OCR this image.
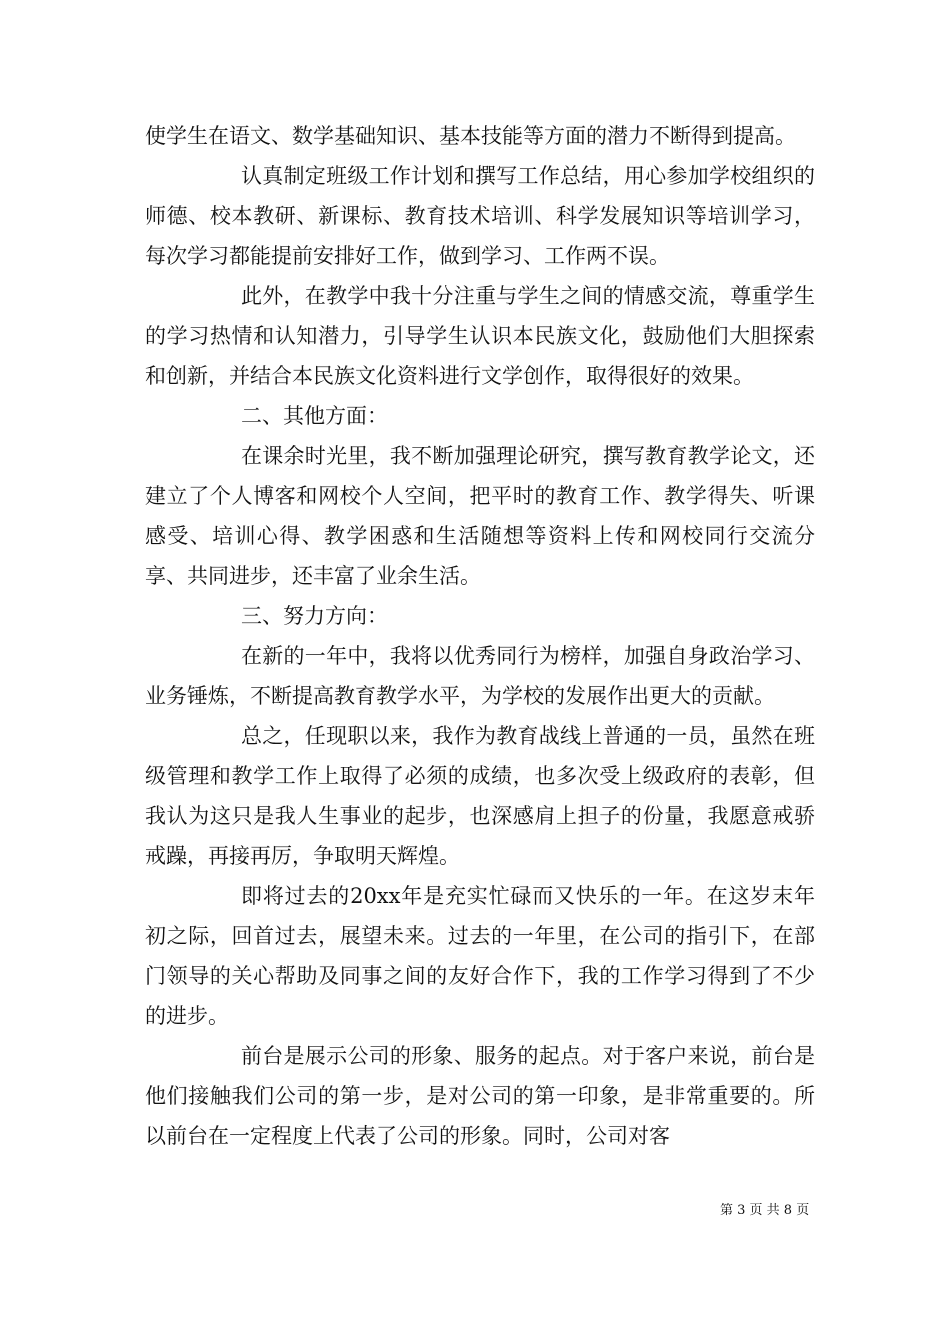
使学生在语文、数学基础知识、基本技能等方面的潜力不断得到提高。

认真制定班级工作计划和撰写工作总结，用心参加学校组织的师德、校本教研、新课标、教育技术培训、科学发展知识等培训学习，每次学习都能提前安排好工作，做到学习、工作两不误。

此外，在教学中我十分注重与学生之间的情感交流，尊重学生的学习热情和认知潜力，引导学生认识本民族文化，鼓励他们大胆探索和创新，并结合本民族文化资料进行文学创作，取得很好的效果。

二、其他方面：

在课余时光里，我不断加强理论研究，撰写教育教学论文，还建立了个人博客和网校个人空间，把平时的教育工作、教学得失、听课感受、培训心得、教学困惑和生活随想等资料上传和网校同行交流分享、共同进步，还丰富了业余生活。

三、努力方向：

在新的一年中，我将以优秀同行为榜样，加强自身政治学习、业务锤炼，不断提高教育教学水平，为学校的发展作出更大的贡献。

总之，任现职以来，我作为教育战线上普通的一员，虽然在班级管理和教学工作上取得了必须的成绩，也多次受上级政府的表彰，但我认为这只是我人生事业的起步，也深感肩上担子的份量，我愿意戒骄戒躁，再接再厉，争取明天辉煌。

即将过去的20xx年是充实忙碌而又快乐的一年。在这岁末年初之际，回首过去，展望未来。过去的一年里，在公司的指引下，在部门领导的关心帮助及同事之间的友好合作下，我的工作学习得到了不少的进步。

前台是展示公司的形象、服务的起点。对于客户来说，前台是他们接触我们公司的第一步，是对公司的第一印象，是非常重要的。所以前台在一定程度上代表了公司的形象。同时，公司对客

第 3 页 共 8 页
